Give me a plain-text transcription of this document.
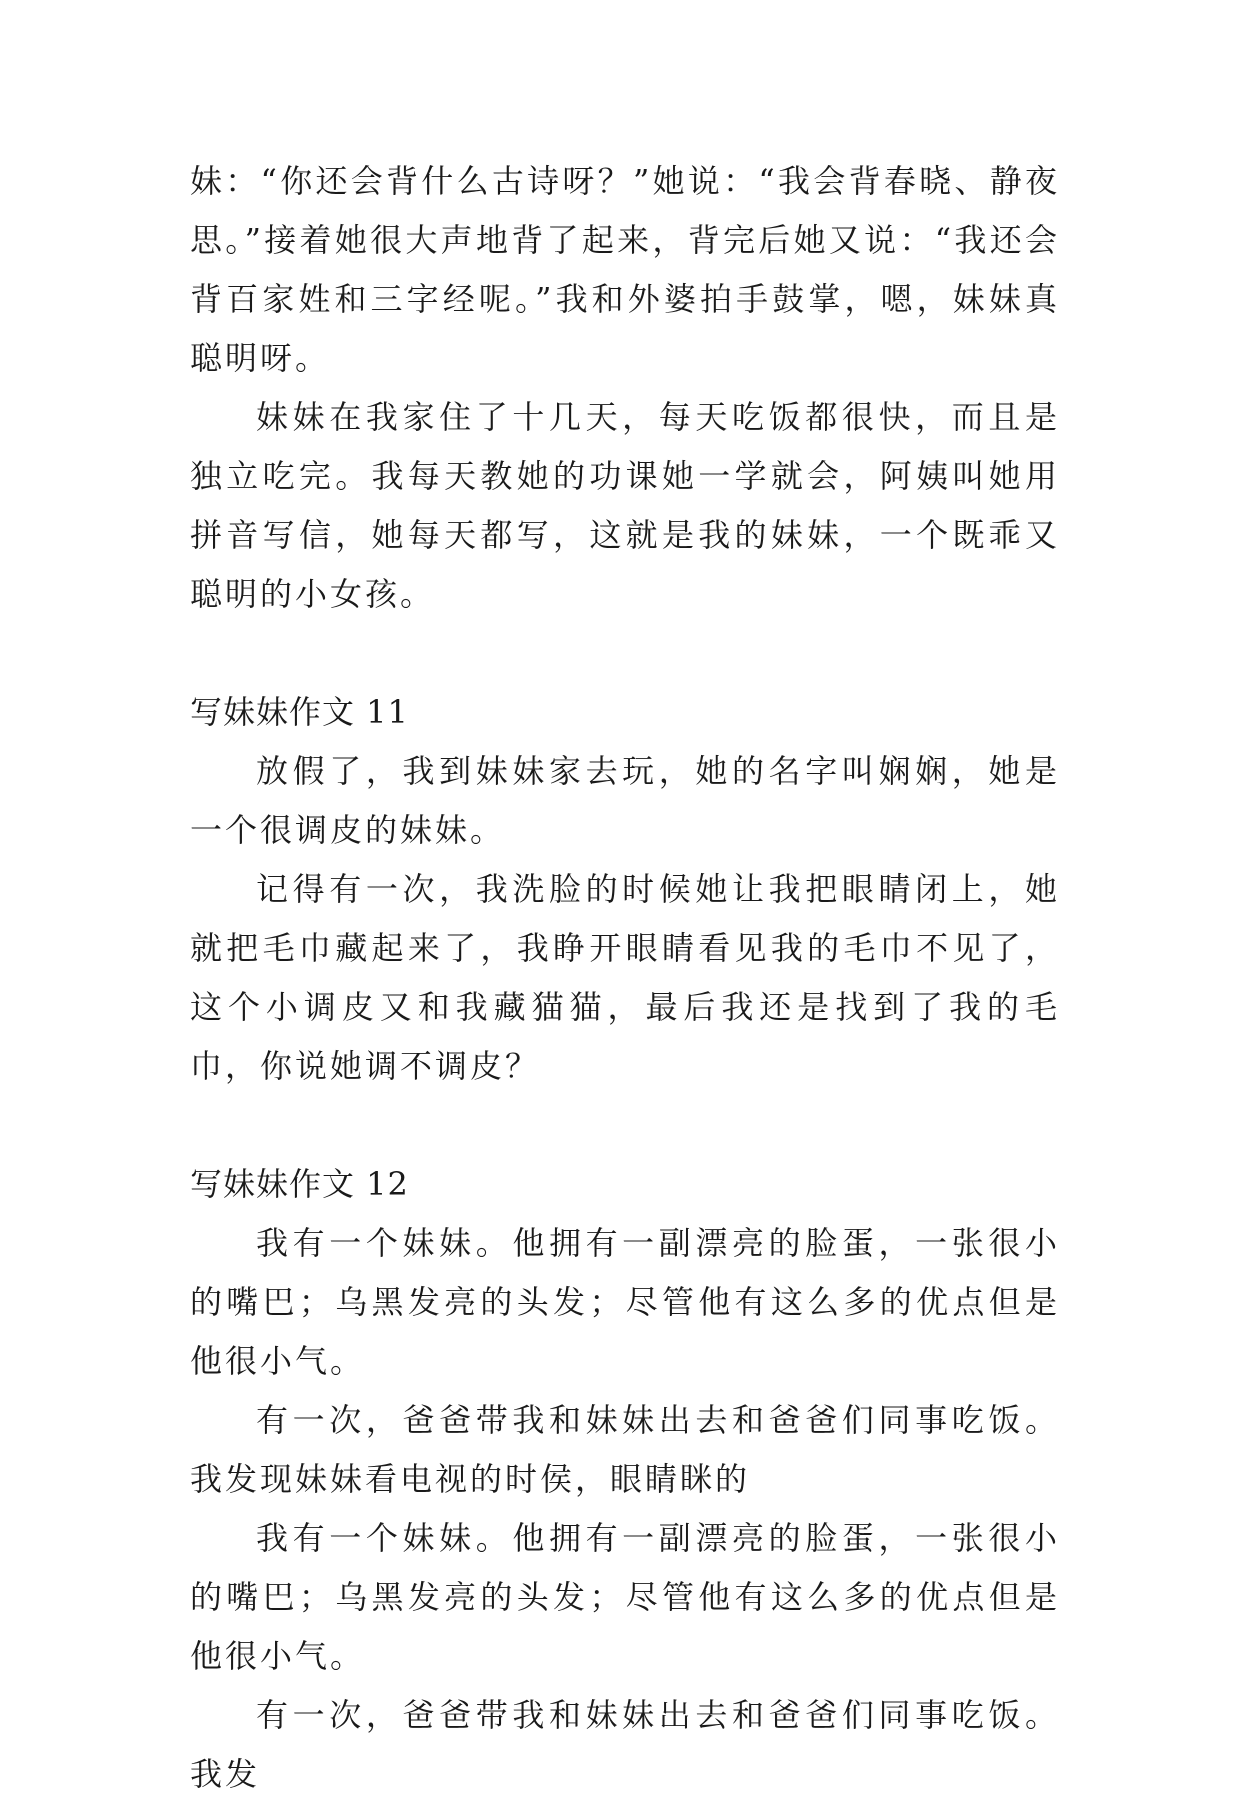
妹：“你还会背什么古诗呀？”她说：“我会背春晓、静夜思。”接着她很大声地背了起来，背完后她又说：“我还会背百家姓和三字经呢。”我和外婆拍手鼓掌，嗯，妹妹真聪明呀。

妹妹在我家住了十几天，每天吃饭都很快，而且是独立吃完。我每天教她的功课她一学就会，阿姨叫她用拼音写信，她每天都写，这就是我的妹妹，一个既乖又聪明的小女孩。

写妹妹作文 11

放假了，我到妹妹家去玩，她的名字叫娴娴，她是一个很调皮的妹妹。

记得有一次，我洗脸的时候她让我把眼睛闭上，她就把毛巾藏起来了，我睁开眼睛看见我的毛巾不见了，这个小调皮又和我藏猫猫，最后我还是找到了我的毛巾，你说她调不调皮？

写妹妹作文 12

我有一个妹妹。他拥有一副漂亮的脸蛋，一张很小的嘴巴；乌黑发亮的头发；尽管他有这么多的优点但是他很小气。

有一次，爸爸带我和妹妹出去和爸爸们同事吃饭。我发现妹妹看电视的时侯，眼睛眯的

我有一个妹妹。他拥有一副漂亮的脸蛋，一张很小的嘴巴；乌黑发亮的头发；尽管他有这么多的优点但是他很小气。

有一次，爸爸带我和妹妹出去和爸爸们同事吃饭。我发
